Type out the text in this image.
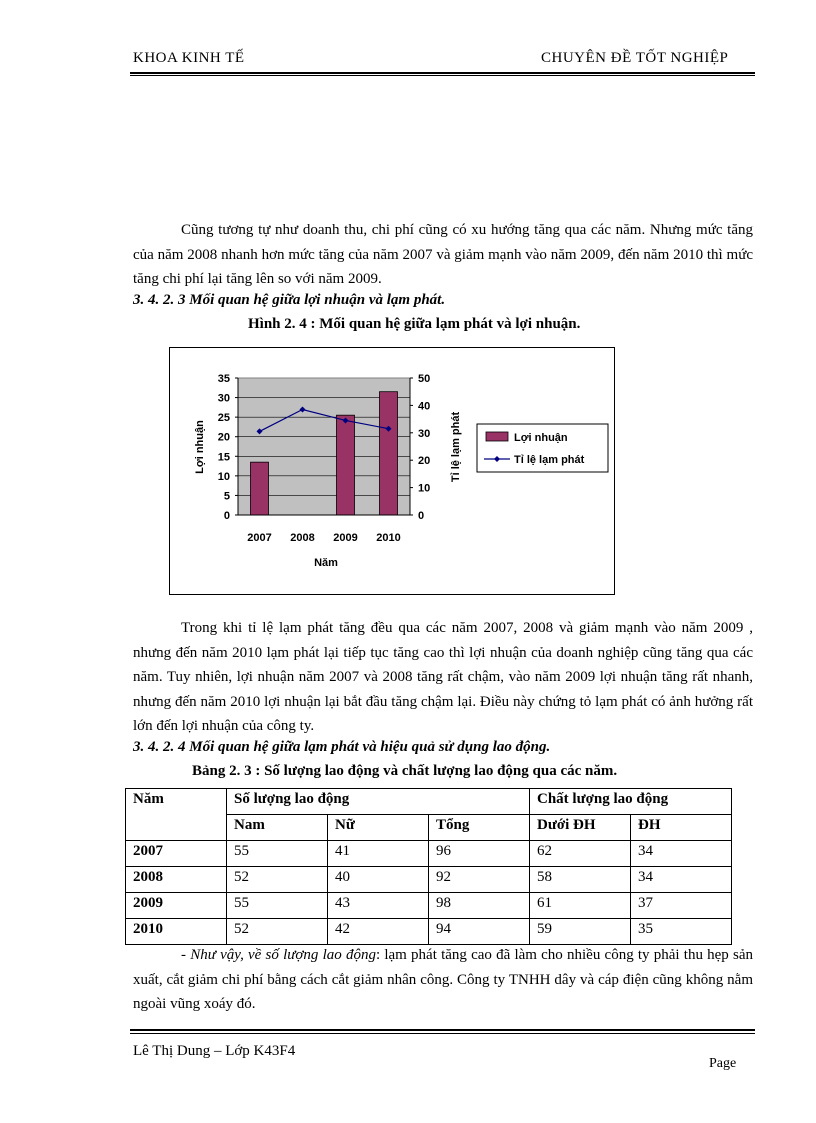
KHOA KINH TẾ	CHUYÊN ĐỀ TỐT NGHIỆP
Cũng tương tự như doanh thu, chi phí cũng có xu hướng tăng qua các năm. Nhưng mức tăng của năm 2008 nhanh hơn mức tăng của năm 2007 và giảm mạnh vào năm 2009, đến năm 2010 thì mức tăng chi phí lại tăng lên so với năm 2009.
3. 4. 2. 3 Mối quan hệ giữa lợi nhuận và lạm phát.
Hình 2. 4 : Mối quan hệ giữa lạm phát và lợi nhuận.
0
5
10
15
20
25
30
35
0
10
20
30
40
50
2007 2008 2009 2010
Lợi nhuận	Tỉ lệ lạm phát
Năm
Lợi nhuận
Tỉ lệ lạm phát
Trong khi tỉ lệ lạm phát tăng đều qua các năm 2007, 2008 và giảm mạnh vào năm 2009 , nhưng đến năm 2010 lạm phát lại tiếp tục tăng cao thì lợi nhuận của doanh nghiệp cũng tăng qua các năm. Tuy nhiên, lợi nhuận năm 2007 và 2008 tăng rất chậm, vào năm 2009 lợi nhuận tăng rất nhanh, nhưng đến năm 2010 lợi nhuận lại bắt đầu tăng chậm lại. Điều này chứng tỏ lạm phát có ảnh hưởng rất lớn đến lợi nhuận của công ty.
3. 4. 2. 4 Mối quan hệ giữa lạm phát và hiệu quả sử dụng lao động.
Bảng 2. 3 : Số lượng lao động và chất lượng lao động qua các năm.
Năm	Số lượng lao động			Chất lượng lao động	
	Nam	Nữ	Tổng	Dưới ĐH	ĐH
2007	55	41	96	62	34
2008	52	40	92	58	34
2009	55	43	98	61	37
2010	52	42	94	59	35
- Như vậy, về số lượng lao động: lạm phát tăng cao đã làm cho nhiều công ty phải thu hẹp sản xuất, cắt giảm chi phí bằng cách cắt giảm nhân công. Công ty TNHH dây và cáp điện cũng không nằm ngoài vũng xoáy đó.
Lê Thị Dung – Lớp K43F4
Page
